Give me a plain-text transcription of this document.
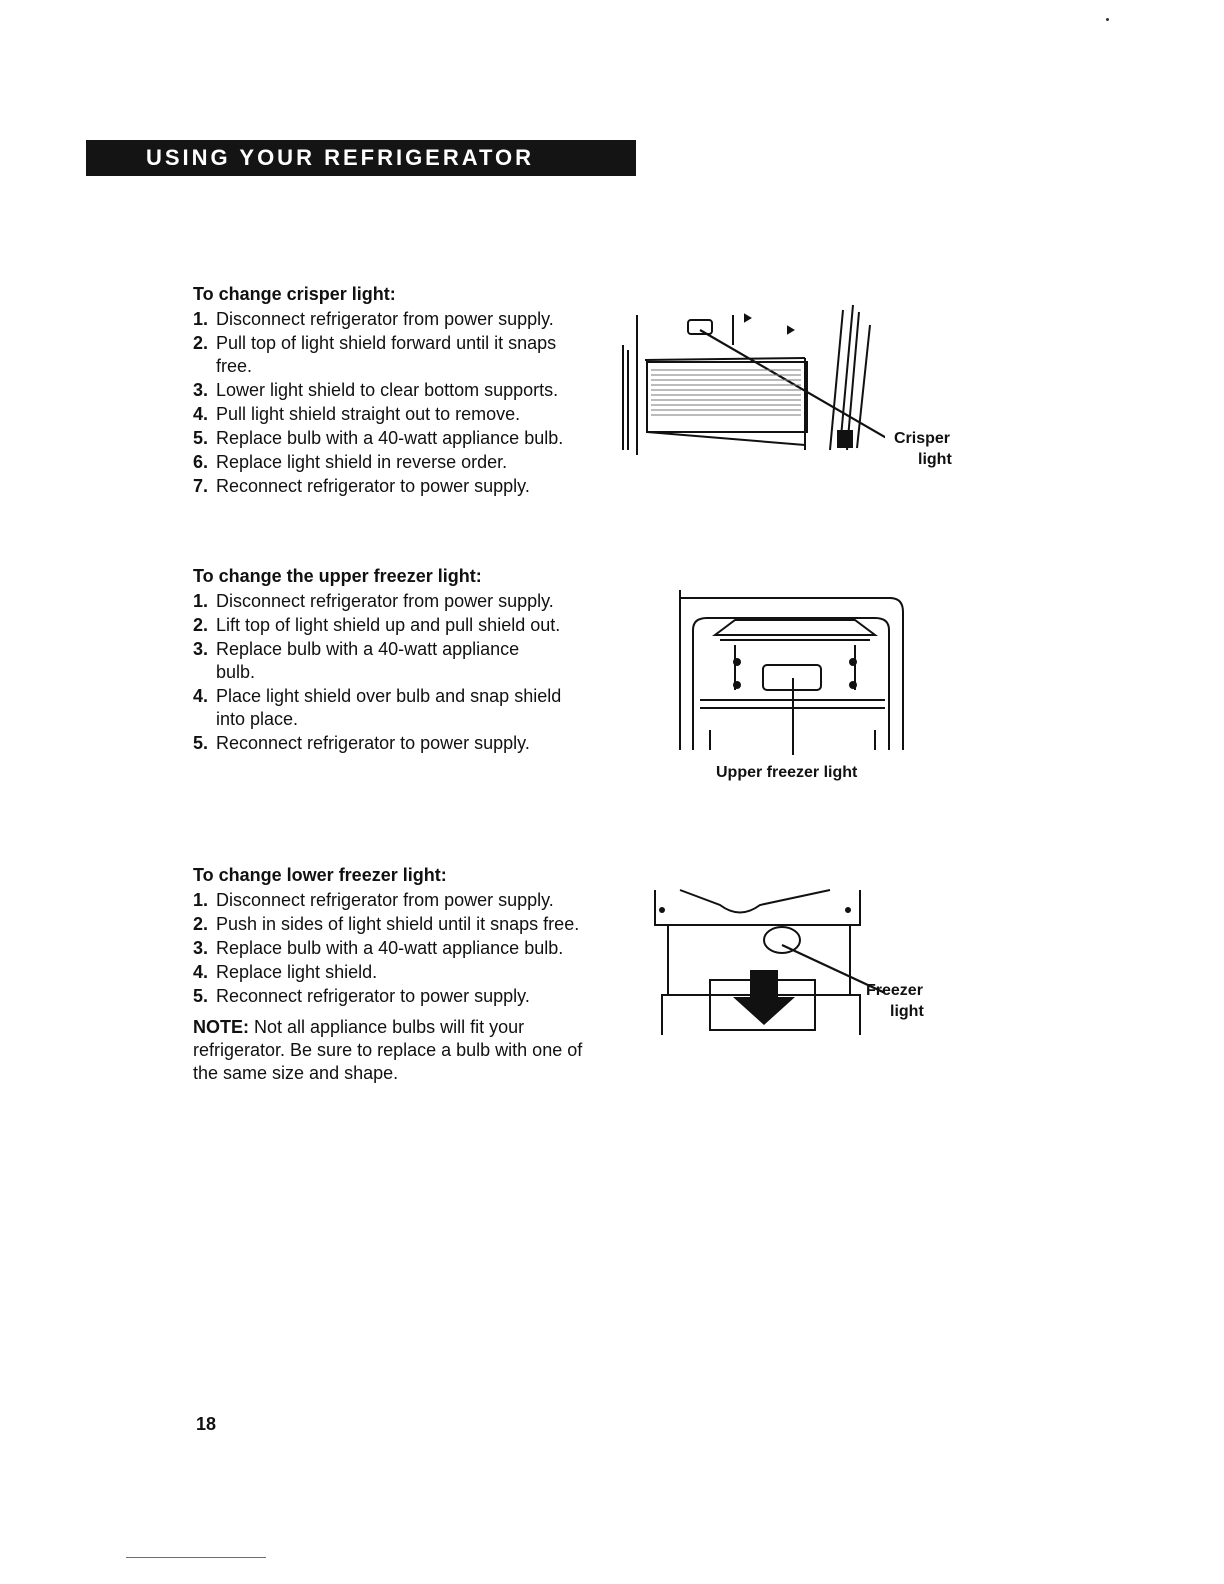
USING YOUR REFRIGERATOR
To change crisper light:
1. Disconnect refrigerator from power supply.
2. Pull top of light shield forward until it snaps free.
3. Lower light shield to clear bottom supports.
4. Pull light shield straight out to remove.
5. Replace bulb with a 40-watt appliance bulb.
6. Replace light shield in reverse order.
7. Reconnect refrigerator to power supply.
To change the upper freezer light:
1. Disconnect refrigerator from power supply.
2. Lift top of light shield up and pull shield out.
3. Replace bulb with a 40-watt appliance bulb.
4. Place light shield over bulb and snap shield into place.
5. Reconnect refrigerator to power supply.
To change lower freezer light:
1. Disconnect refrigerator from power supply.
2. Push in sides of light shield until it snaps free.
3. Replace bulb with a 40-watt appliance bulb.
4. Replace light shield.
5. Reconnect refrigerator to power supply.
NOTE: Not all appliance bulbs will fit your refrigerator. Be sure to replace a bulb with one of the same size and shape.
Crisper
light
Upper freezer light
Freezer
light
18
